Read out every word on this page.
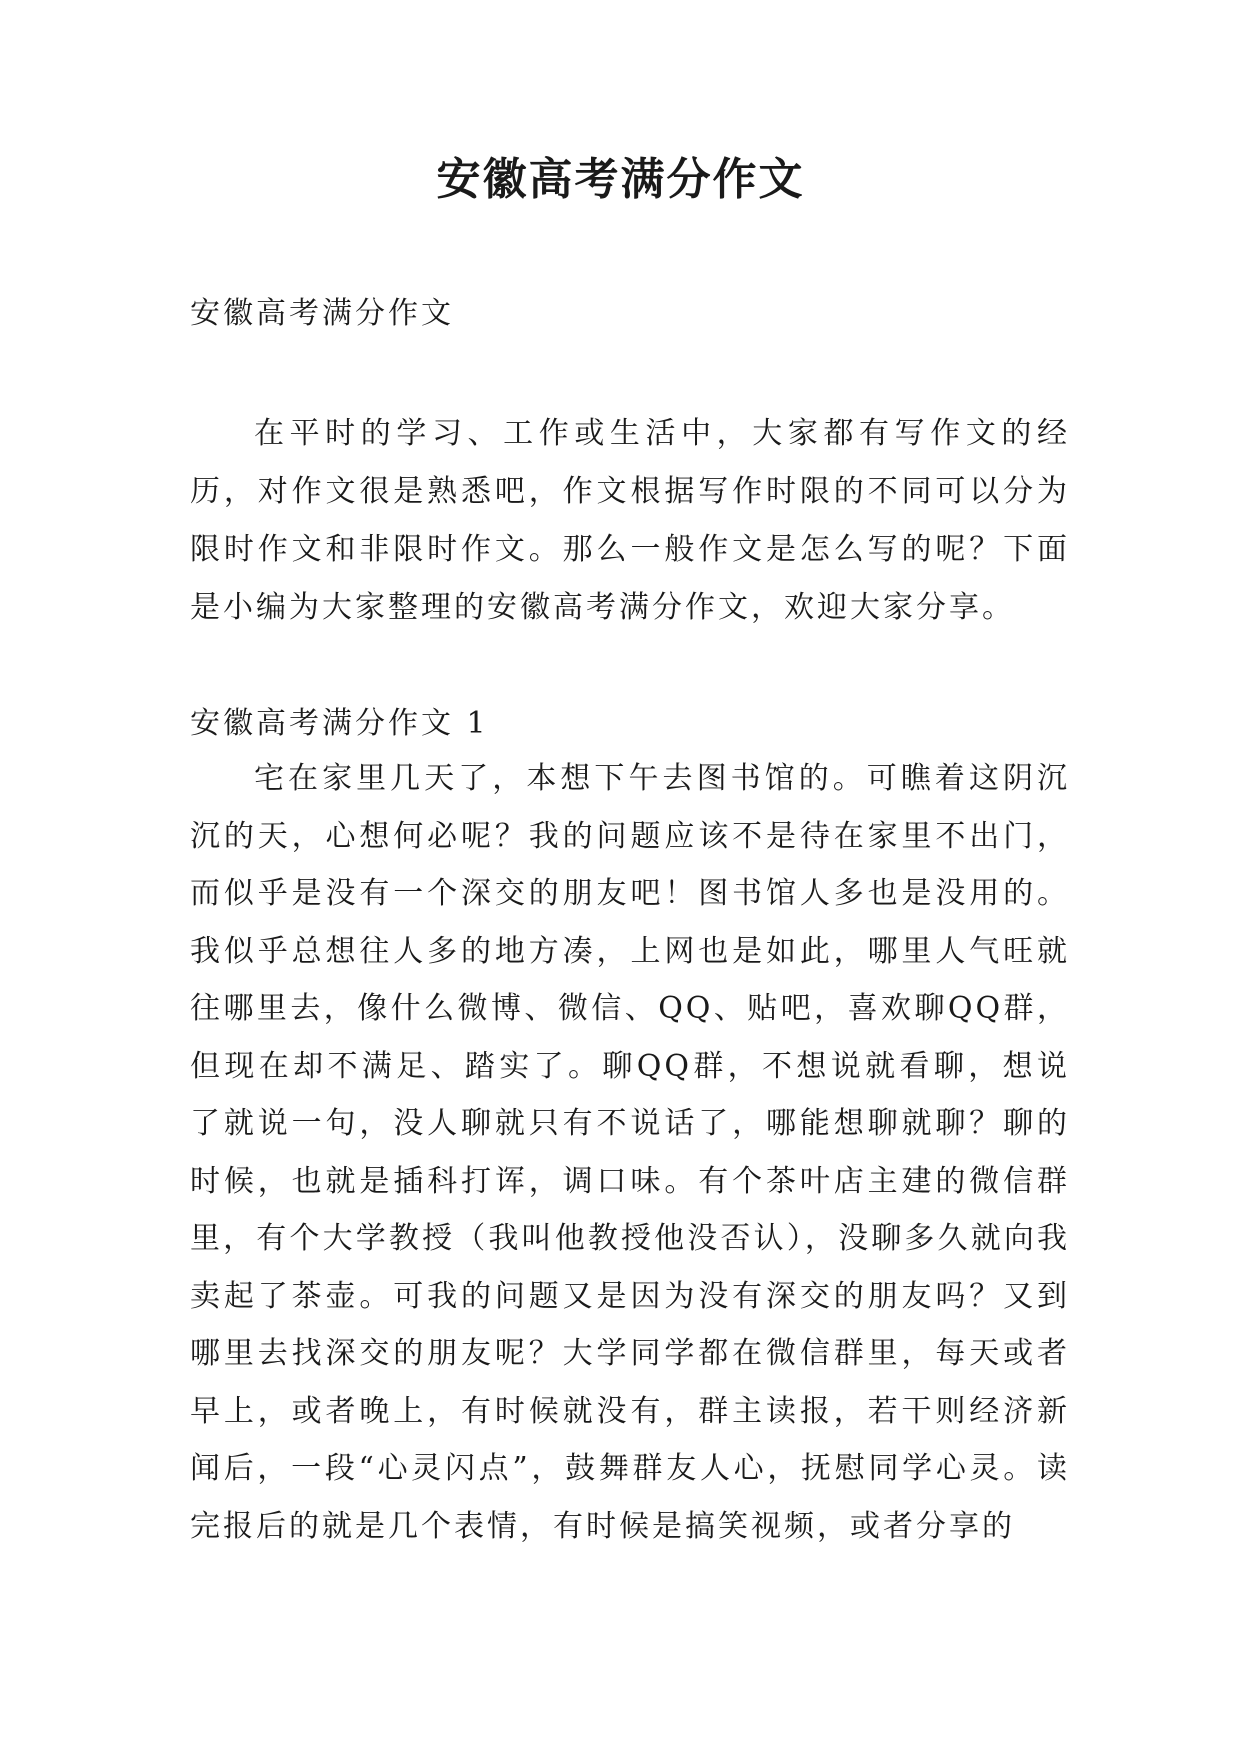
安徽高考满分作文
安徽高考满分作文
在平时的学习、工作或生活中，大家都有写作文的经历，对作文很是熟悉吧，作文根据写作时限的不同可以分为限时作文和非限时作文。那么一般作文是怎么写的呢？下面是小编为大家整理的安徽高考满分作文，欢迎大家分享。
安徽高考满分作文 1
宅在家里几天了，本想下午去图书馆的。可瞧着这阴沉沉的天，心想何必呢？我的问题应该不是待在家里不出门，而似乎是没有一个深交的朋友吧！图书馆人多也是没用的。我似乎总想往人多的地方凑，上网也是如此，哪里人气旺就往哪里去，像什么微博、微信、QQ、贴吧，喜欢聊QQ群，但现在却不满足、踏实了。聊QQ群，不想说就看聊，想说了就说一句，没人聊就只有不说话了，哪能想聊就聊？聊的时候，也就是插科打诨，调口味。有个茶叶店主建的微信群里，有个大学教授（我叫他教授他没否认），没聊多久就向我卖起了茶壶。可我的问题又是因为没有深交的朋友吗？又到哪里去找深交的朋友呢？大学同学都在微信群里，每天或者早上，或者晚上，有时候就没有，群主读报，若干则经济新闻后，一段“心灵闪点”，鼓舞群友人心，抚慰同学心灵。读完报后的就是几个表情，有时候是搞笑视频，或者分享的
